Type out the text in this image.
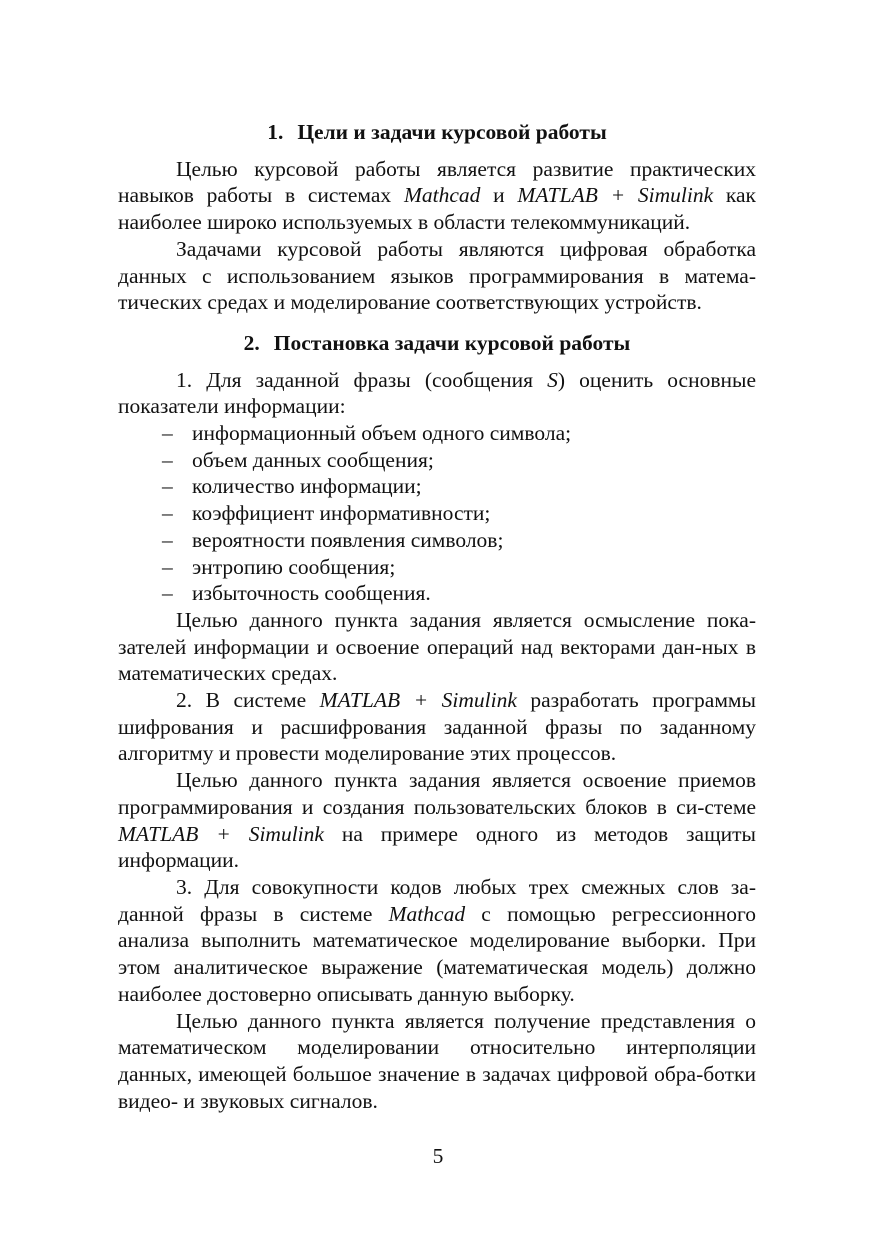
1. Цели и задачи курсовой работы

Целью курсовой работы является развитие практических навыков работы в системах Mathcad и MATLAB + Simulink как наиболее широко используемых в области телекоммуникаций.

Задачами курсовой работы являются цифровая обработка данных с использованием языков программирования в матема-тических средах и моделирование соответствующих устройств.

2. Постановка задачи курсовой работы

1. Для заданной фразы (сообщения S) оценить основные показатели информации:

– информационный объем одного символа;
– объем данных сообщения;
– количество информации;
– коэффициент информативности;
– вероятности появления символов;
– энтропию сообщения;
– избыточность сообщения.

Целью данного пункта задания является осмысление пока-зателей информации и освоение операций над векторами дан-ных в математических средах.

2. В системе MATLAB + Simulink разработать программы шифрования и расшифрования заданной фразы по заданному алгоритму и провести моделирование этих процессов.

Целью данного пункта задания является освоение приемов программирования и создания пользовательских блоков в си-стеме MATLAB + Simulink на примере одного из методов защиты информации.

3. Для совокупности кодов любых трех смежных слов за-данной фразы в системе Mathcad с помощью регрессионного анализа выполнить математическое моделирование выборки. При этом аналитическое выражение (математическая модель) должно наиболее достоверно описывать данную выборку.

Целью данного пункта является получение представления о математическом моделировании относительно интерполяции данных, имеющей большое значение в задачах цифровой обра-ботки видео- и звуковых сигналов.

5
